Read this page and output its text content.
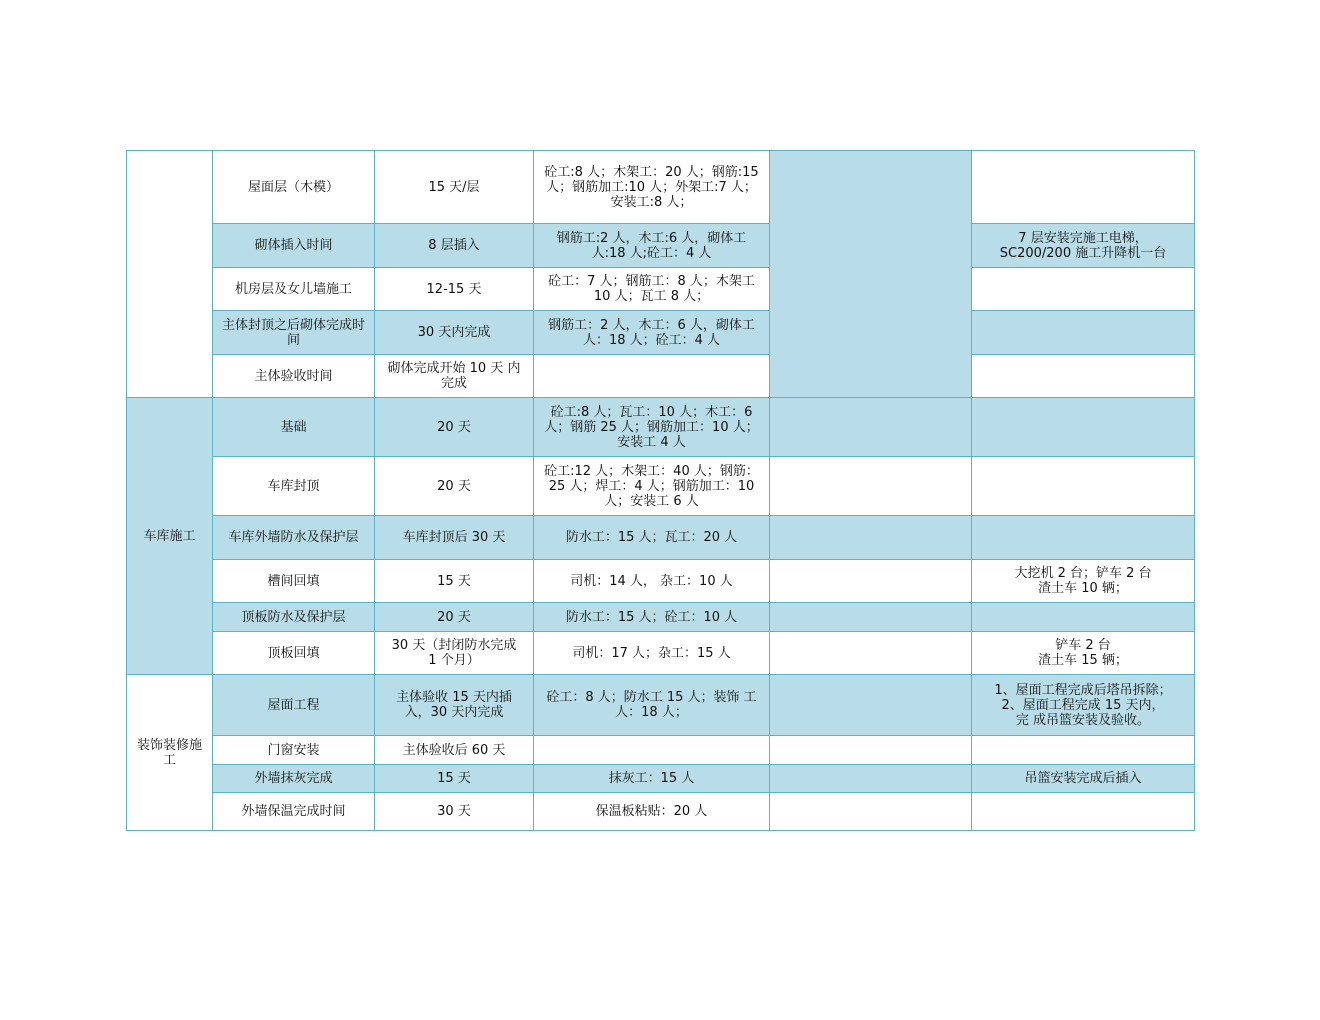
	屋面层（木模）	15 天/层	砼工:8 人；木架工：20 人；钢筋:15 人；钢筋加工:10 人；外架工:7 人；安装工:8 人；		
	砌体插入时间	8 层插入	钢筋工:2 人，木工:6 人，砌体工人:18 人;砼工：4 人		7 层安装完施工电梯，
SC200/200 施工升降机一台
	机房层及女儿墙施工	12-15 天	砼工：7 人；钢筋工：8 人；木架工 10 人；瓦工 8 人；		
	主体封顶之后砌体完成时间	30 天内完成	钢筋工：2 人，木工：6 人，砌体工人：18 人；砼工：4 人		
	主体验收时间	砌体完成开始 10 天 内完成			
车库施工	基础	20 天	砼工:8 人；瓦工：10 人；木工：6 人；钢筋 25 人；钢筋加工：10 人；安装工 4 人		
	车库封顶	20 天	砼工:12 人；木架工：40 人；钢筋：25 人；焊工：4 人；钢筋加工：10 人；安装工 6 人		
	车库外墙防水及保护层	车库封顶后 30 天	防水工：15 人；瓦工：20 人		
	槽间回填	15 天	司机：14 人， 杂工：10 人		大挖机 2 台；铲车 2 台
渣土车 10 辆；
	顶板防水及保护层	20 天	防水工：15 人；砼工：10 人		
	顶板回填	30 天（封闭防水完成
1 个月）	司机：17 人；杂工：15 人		铲车 2 台
渣土车 15 辆；
装饰装修施工	屋面工程	主体验收 15 天内插 入，30 天内完成	砼工：8 人；防水工 15 人；装饰 工人：18 人；		1、屋面工程完成后塔吊拆除；
2、屋面工程完成 15 天内，
完 成吊篮安装及验收。
	门窗安装	主体验收后 60 天			
	外墙抹灰完成	15 天	抹灰工：15 人		吊篮安装完成后插入
	外墙保温完成时间	30 天	保温板粘贴：20 人		
